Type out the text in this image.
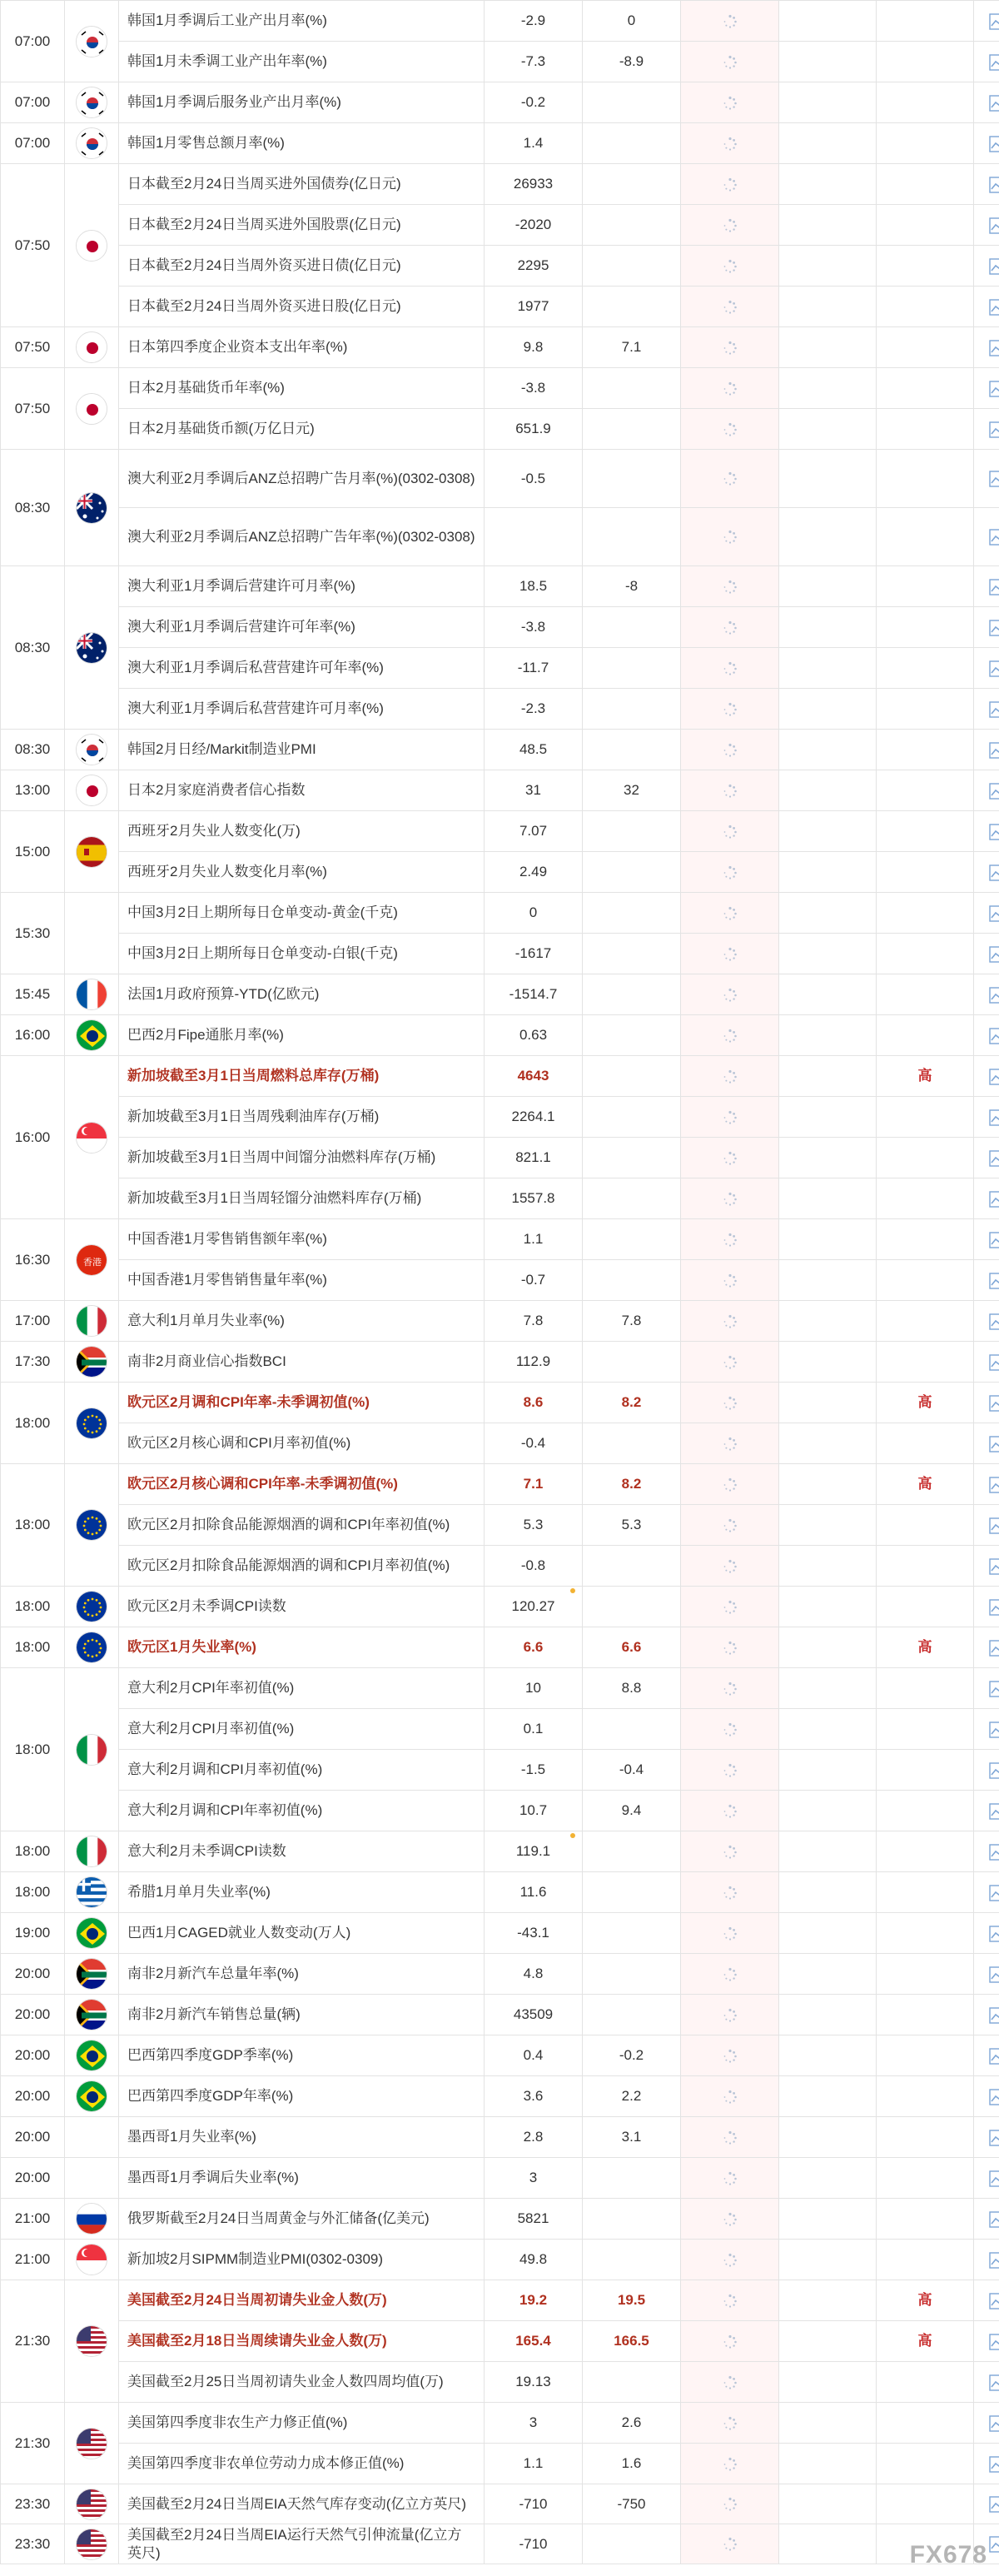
07:00		韩国1月季调后工业产出月率(%)	-2.9	0				
		韩国1月未季调工业产出年率(%)	-7.3	-8.9				
07:00		韩国1月季调后服务业产出月率(%)	-0.2					
07:00		韩国1月零售总额月率(%)	1.4					
07:50		日本截至2月24日当周买进外国债券(亿日元)	26933					
		日本截至2月24日当周买进外国股票(亿日元)	-2020					
		日本截至2月24日当周外资买进日债(亿日元)	2295					
		日本截至2月24日当周外资买进日股(亿日元)	1977					
07:50		日本第四季度企业资本支出年率(%)	9.8	7.1				
07:50		日本2月基础货币年率(%)	-3.8					
		日本2月基础货币额(万亿日元)	651.9					
08:30		澳大利亚2月季调后ANZ总招聘广告月率(%)(0302-0308)	-0.5					
		澳大利亚2月季调后ANZ总招聘广告年率(%)(0302-0308)						
08:30		澳大利亚1月季调后营建许可月率(%)	18.5	-8				
		澳大利亚1月季调后营建许可年率(%)	-3.8					
		澳大利亚1月季调后私营营建许可年率(%)	-11.7					
		澳大利亚1月季调后私营营建许可月率(%)	-2.3					
08:30		韩国2月日经/Markit制造业PMI	48.5					
13:00		日本2月家庭消费者信心指数	31	32				
15:00		西班牙2月失业人数变化(万)	7.07					
		西班牙2月失业人数变化月率(%)	2.49					
15:30		中国3月2日上期所每日仓单变动-黄金(千克)	0					
		中国3月2日上期所每日仓单变动-白银(千克)	-1617					
15:45		法国1月政府预算-YTD(亿欧元)	-1514.7					
16:00		巴西2月Fipe通胀月率(%)	0.63					
16:00		新加坡截至3月1日当周燃料总库存(万桶)	4643				高	
		新加坡截至3月1日当周残剩油库存(万桶)	2264.1					
		新加坡截至3月1日当周中间馏分油燃料库存(万桶)	821.1					
		新加坡截至3月1日当周轻馏分油燃料库存(万桶)	1557.8					
16:30	香港	中国香港1月零售销售额年率(%)	1.1					
		中国香港1月零售销售量年率(%)	-0.7					
17:00		意大利1月单月失业率(%)	7.8	7.8				
17:30		南非2月商业信心指数BCI	112.9					
18:00		欧元区2月调和CPI年率-未季调初值(%)	8.6	8.2			高	
		欧元区2月核心调和CPI月率初值(%)	-0.4					
18:00		欧元区2月核心调和CPI年率-未季调初值(%)	7.1	8.2			高	
		欧元区2月扣除食品能源烟酒的调和CPI年率初值(%)	5.3	5.3				
		欧元区2月扣除食品能源烟酒的调和CPI月率初值(%)	-0.8					
18:00		欧元区2月未季调CPI读数	120.27

18:00		欧元区1月失业率(%)	6.6	6.6			高	
18:00		意大利2月CPI年率初值(%)	10	8.8				
		意大利2月CPI月率初值(%)	0.1					
		意大利2月调和CPI月率初值(%)	-1.5	-0.4				
		意大利2月调和CPI年率初值(%)	10.7	9.4				
18:00		意大利2月未季调CPI读数	119.1

18:00		希腊1月单月失业率(%)	11.6					
19:00		巴西1月CAGED就业人数变动(万人)	-43.1					
20:00		南非2月新汽车总量年率(%)	4.8					
20:00		南非2月新汽车销售总量(辆)	43509					
20:00		巴西第四季度GDP季率(%)	0.4	-0.2				
20:00		巴西第四季度GDP年率(%)	3.6	2.2				
20:00		墨西哥1月失业率(%)	2.8	3.1				
20:00		墨西哥1月季调后失业率(%)	3					
21:00		俄罗斯截至2月24日当周黄金与外汇储备(亿美元)	5821					
21:00		新加坡2月SIPMM制造业PMI(0302-0309)	49.8					
21:30		美国截至2月24日当周初请失业金人数(万)	19.2	19.5			高	
		美国截至2月18日当周续请失业金人数(万)	165.4	166.5			高	
		美国截至2月25日当周初请失业金人数四周均值(万)	19.13					
21:30		美国第四季度非农生产力修正值(%)	3	2.6				
		美国第四季度非农单位劳动力成本修正值(%)	1.1	1.6				
23:30		美国截至2月24日当周EIA天然气库存变动(亿立方英尺)	-710	-750				
23:30		美国截至2月24日当周EIA运行天然气引伸流量(亿立方英尺)	-710						FX678
